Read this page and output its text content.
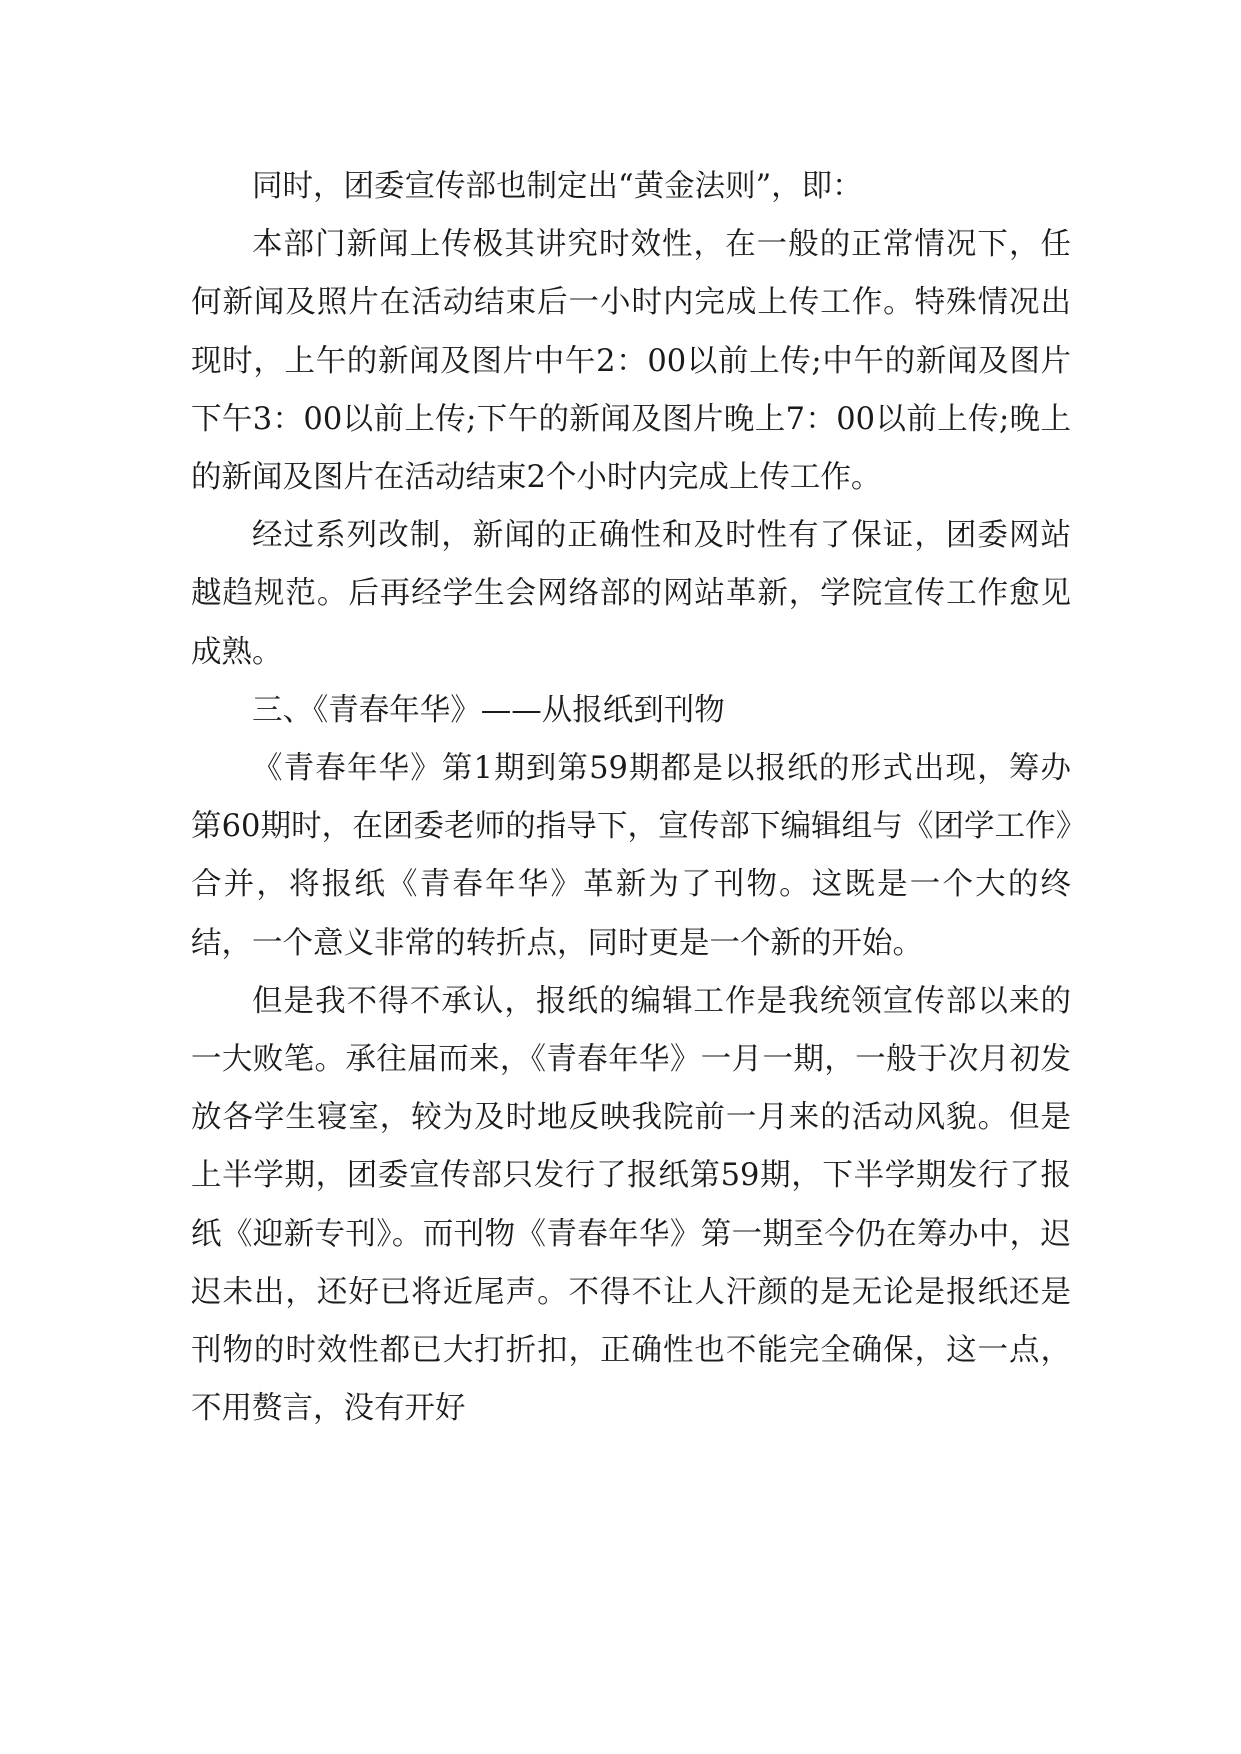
同时，团委宣传部也制定出“黄金法则”，即：

本部门新闻上传极其讲究时效性，在一般的正常情况下，任何新闻及照片在活动结束后一小时内完成上传工作。特殊情况出现时，上午的新闻及图片中午2：00以前上传;中午的新闻及图片下午3：00以前上传;下午的新闻及图片晚上7：00以前上传;晚上的新闻及图片在活动结束2个小时内完成上传工作。

经过系列改制，新闻的正确性和及时性有了保证，团委网站越趋规范。后再经学生会网络部的网站革新，学院宣传工作愈见成熟。

三、《青春年华》——从报纸到刊物

《青春年华》第1期到第59期都是以报纸的形式出现，筹办第60期时，在团委老师的指导下，宣传部下编辑组与《团学工作》合并，将报纸《青春年华》革新为了刊物。这既是一个大的终结，一个意义非常的转折点，同时更是一个新的开始。

但是我不得不承认，报纸的编辑工作是我统领宣传部以来的一大败笔。承往届而来，《青春年华》一月一期，一般于次月初发放各学生寝室，较为及时地反映我院前一月来的活动风貌。但是上半学期，团委宣传部只发行了报纸第59期，下半学期发行了报纸《迎新专刊》。而刊物《青春年华》第一期至今仍在筹办中，迟迟未出，还好已将近尾声。不得不让人汗颜的是无论是报纸还是刊物的时效性都已大打折扣，正确性也不能完全确保，这一点，不用赘言，没有开好
